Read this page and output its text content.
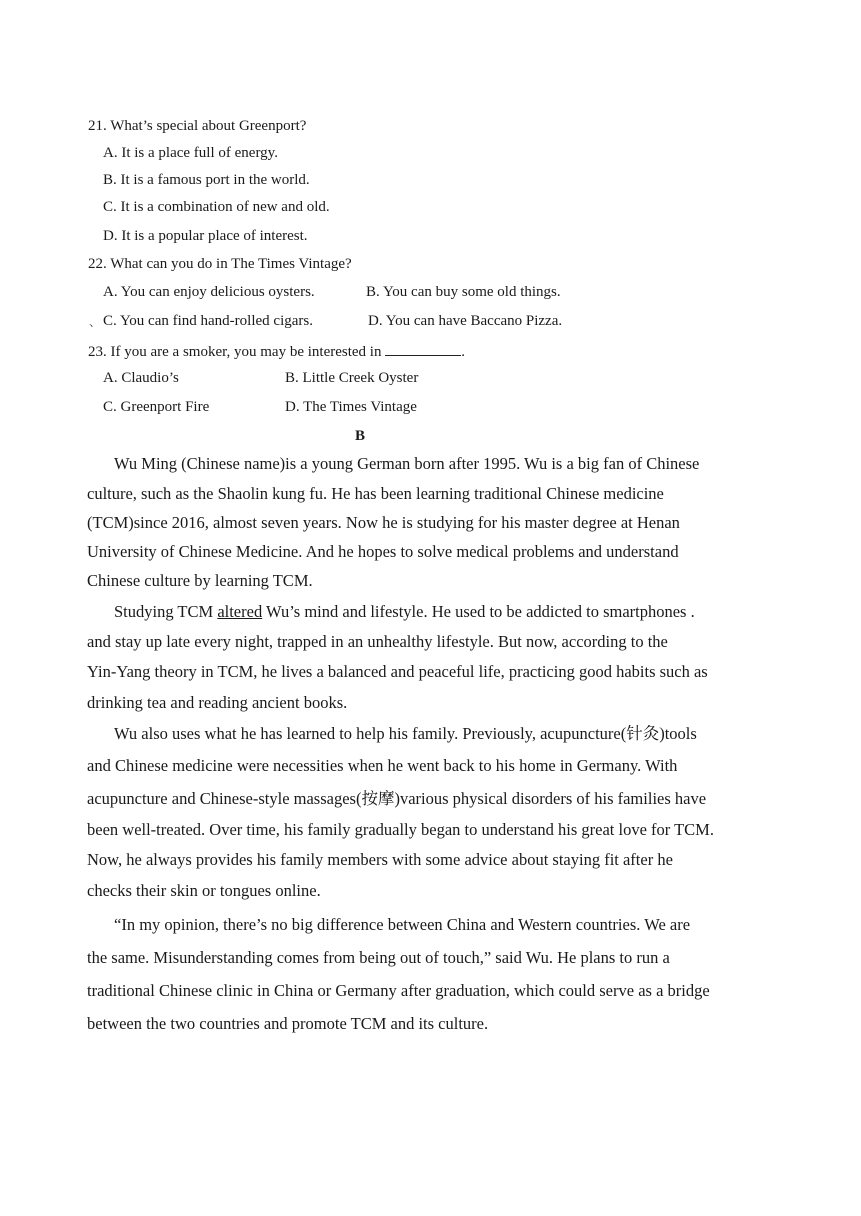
21. What’s special about Greenport?
A. It is a place full of energy.
B. It is a famous port in the world.
C. It is a combination of new and old.
D. It is a popular place of interest.
22. What can you do in The Times Vintage?
A. You can enjoy delicious oysters.	B. You can buy some old things.
、 C. You can find hand-rolled cigars.	D. You can have Baccano Pizza.
23. If you are a smoker, you may be interested in	.
A. Claudio’s	B. Little Creek Oyster
C. Greenport Fire	D. The Times Vintage
B
Wu Ming (Chinese name)is a young German born after 1995. Wu is a big fan of Chinese
culture, such as the Shaolin kung fu. He has been learning traditional Chinese medicine
(TCM)since 2016, almost seven years. Now he is studying for his master degree at Henan
University of Chinese Medicine. And he hopes to solve medical problems and understand
Chinese culture by learning TCM.
Studying TCM altered Wu’s mind and lifestyle. He used to be addicted to smartphones .
and stay up late every night, trapped in an unhealthy lifestyle. But now, according to the
Yin-Yang theory in TCM, he lives a balanced and peaceful life, practicing good habits such as
drinking tea and reading ancient books.
Wu also uses what he has learned to help his family. Previously, acupuncture(针灸)tools
and Chinese medicine were necessities when he went back to his home in Germany. With
acupuncture and Chinese-style massages(按摩)various physical disorders of his families have
been well-treated. Over time, his family gradually began to understand his great love for TCM.
Now, he always provides his family members with some advice about staying fit after he
checks their skin or tongues online.
“In my opinion, there’s no big difference between China and Western countries. We are
the same. Misunderstanding comes from being out of touch,” said Wu. He plans to run a
traditional Chinese clinic in China or Germany after graduation, which could serve as a bridge
between the two countries and promote TCM and its culture.
